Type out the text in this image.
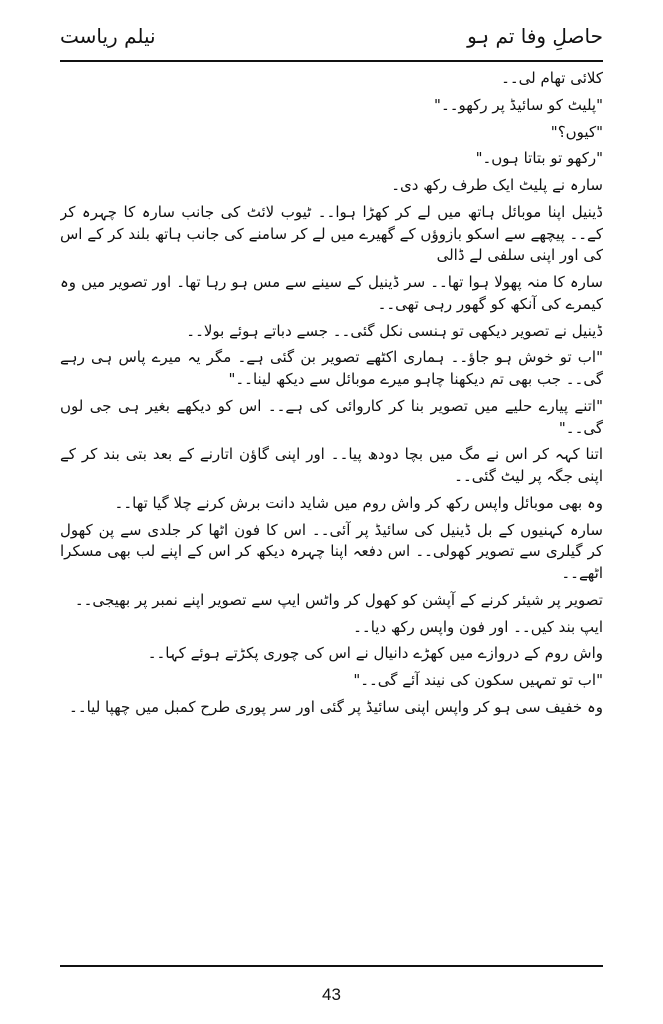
نیلم ریاست	حاصلِ وفا تم ہو

کلائی تھام لی۔۔

"پلیٹ کو سائیڈ پر رکھو۔۔"

"کیوں؟"

"رکھو تو بتاتا ہوں۔"

سارہ نے پلیٹ ایک طرف رکھ دی۔

ڈینیل اپنا موبائل ہاتھ میں لے کر کھڑا ہوا۔۔ ٹیوب لائٹ کی جانب سارہ کا چہرہ کر کے۔۔ پیچھے سے اسکو بازوؤں کے گھیرے میں لے کر سامنے کی جانب ہاتھ بلند کر کے اس کی اور اپنی سلفی لے ڈالی

سارہ کا منہ پھولا ہوا تھا۔۔ سر ڈینیل کے سینے سے مس ہو رہا تھا۔ اور تصویر میں وہ کیمرے کی آنکھ کو گھور رہی تھی۔۔

ڈینیل نے تصویر دیکھی تو ہنسی نکل گئی۔۔ جسے دباتے ہوئے بولا۔۔

"اب تو خوش ہو جاؤ۔۔ ہماری اکٹھے تصویر بن گئی ہے۔ مگر یہ میرے پاس ہی رہے گی۔۔ جب بھی تم دیکھنا چاہو میرے موبائل سے دیکھ لینا۔۔"

"اتنے پیارے حلیے میں تصویر بنا کر کاروائی کی ہے۔۔ اس کو دیکھے بغیر ہی جی لوں گی۔۔"

اتنا کہہ کر اس نے مگ میں بچا دودھ پیا۔۔ اور اپنی گاؤن اتارنے کے بعد بتی بند کر کے اپنی جگہ پر لیٹ گئی۔۔

وہ بھی موبائل واپس رکھ کر واش روم میں شاید دانت برش کرنے چلا گیا تھا۔۔

سارہ کہنیوں کے بل ڈینیل کی سائیڈ پر آئی۔۔ اس کا فون اٹھا کر جلدی سے پن کھول کر گیلری سے تصویر کھولی۔۔ اس دفعہ اپنا چہرہ دیکھ کر اس کے اپنے لب بھی مسکرا اٹھے۔۔

تصویر پر شیئر کرنے کے آپشن کو کھول کر واٹس ایپ سے تصویر اپنے نمبر پر بھیجی۔۔

ایپ بند کیں۔۔ اور فون واپس رکھ دیا۔۔

واش روم کے دروازے میں کھڑے دانیال نے اس کی چوری پکڑتے ہوئے کہا۔۔

"اب تو تمہیں سکون کی نیند آئے گی۔۔"

وہ خفیف سی ہو کر واپس اپنی سائیڈ پر گئی اور سر پوری طرح کمبل میں چھپا لیا۔۔

43
